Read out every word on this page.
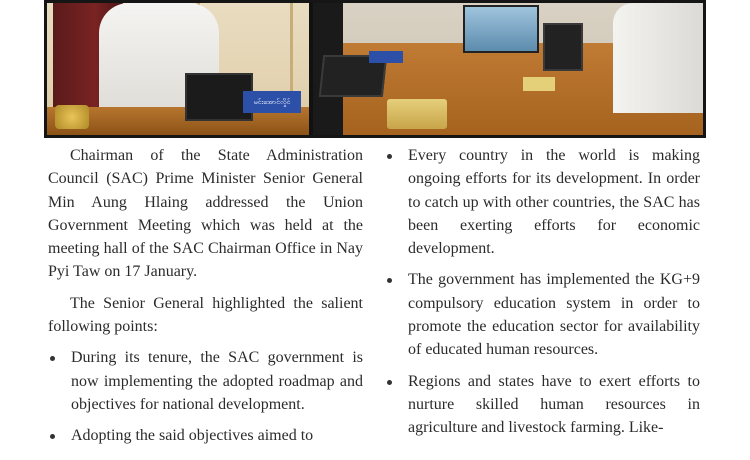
မင်းအောင်လှိုင်

Chairman of the State Administration Council (SAC) Prime Minister Senior General Min Aung Hlaing addressed the Union Government Meeting which was held at the meeting hall of the SAC Chairman Office in Nay Pyi Taw on 17 January.

The Senior General highlighted the salient following points:

During its tenure, the SAC government is now implementing the adopted roadmap and objectives for national development.
Adopting the said objectives aimed to
Every country in the world is making ongoing efforts for its development. In order to catch up with other countries, the SAC has been exerting efforts for economic development.
The government has implemented the KG+9 compulsory education system in order to promote the education sector for availability of educated human resources.
Regions and states have to exert efforts to nurture skilled human resources in agriculture and livestock farming. Like-
